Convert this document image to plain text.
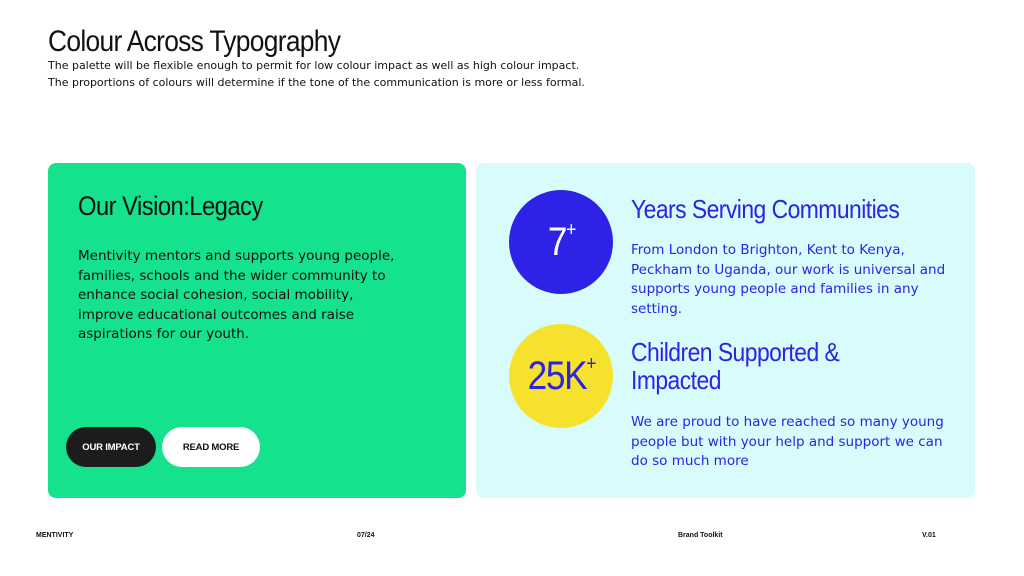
Colour Across Typography

The palette will be flexible enough to permit for low colour impact as well as high colour impact.

The proportions of colours will determine if the tone of the communication is more or less formal.

Our Vision:Legacy

Mentivity mentors and supports young people, families, schools and the wider community to enhance social cohesion, social mobility, improve educational outcomes and raise aspirations for our youth.

OUR IMPACT	READ MORE
7+
Years Serving Communities

From London to Brighton, Kent to Kenya, Peckham to Uganda, our work is universal and supports young people and families in any setting.

25K+ Children Supported & Impacted

We are proud to have reached so many young people but with your help and support we can do so much more

MENTIVITY	07/24	Brand Toolkit	V.01
